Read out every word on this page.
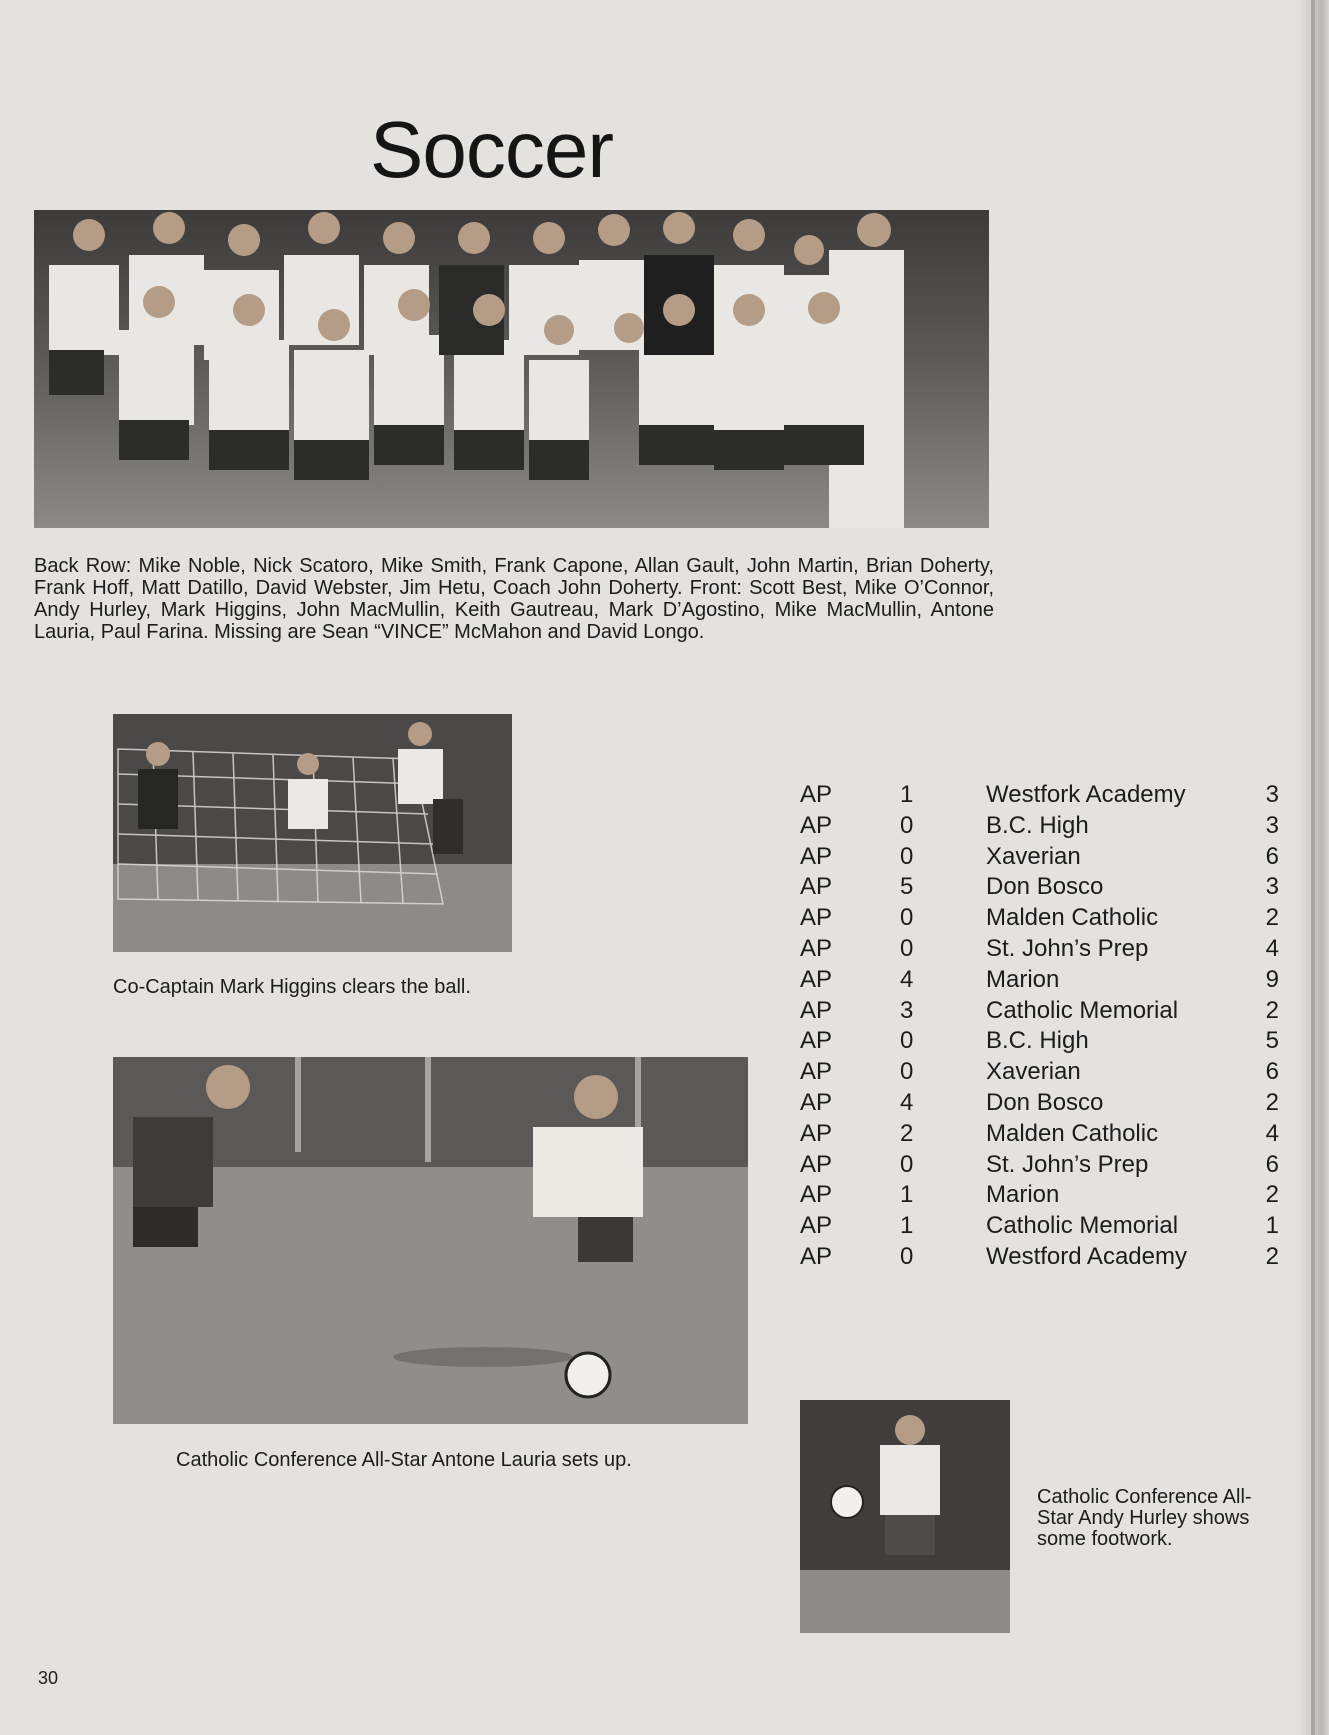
Soccer

Back Row: Mike Noble, Nick Scatoro, Mike Smith, Frank Capone, Allan Gault, John Martin, Brian Doherty, Frank Hoff, Matt Datillo, David Webster, Jim Hetu, Coach John Doherty. Front: Scott Best, Mike O’Connor, Andy Hurley, Mark Higgins, John MacMullin, Keith Gautreau, Mark D’Agostino, Mike MacMullin, Antone Lauria, Paul Farina. Missing are Sean “VINCE” McMahon and David Longo.

Co-Captain Mark Higgins clears the ball.

Catholic Conference All-Star Antone Lauria sets up.

Catholic Conference All-Star Andy Hurley shows some footwork.

AP	1	Westfork Academy	3
AP	0	B.C. High	3
AP	0	Xaverian	6
AP	5	Don Bosco	3
AP	0	Malden Catholic	2
AP	0	St. John’s Prep	4
AP	4	Marion	9
AP	3	Catholic Memorial	2
AP	0	B.C. High	5
AP	0	Xaverian	6
AP	4	Don Bosco	2
AP	2	Malden Catholic	4
AP	0	St. John’s Prep	6
AP	1	Marion	2
AP	1	Catholic Memorial	1
AP	0	Westford Academy	2

30
